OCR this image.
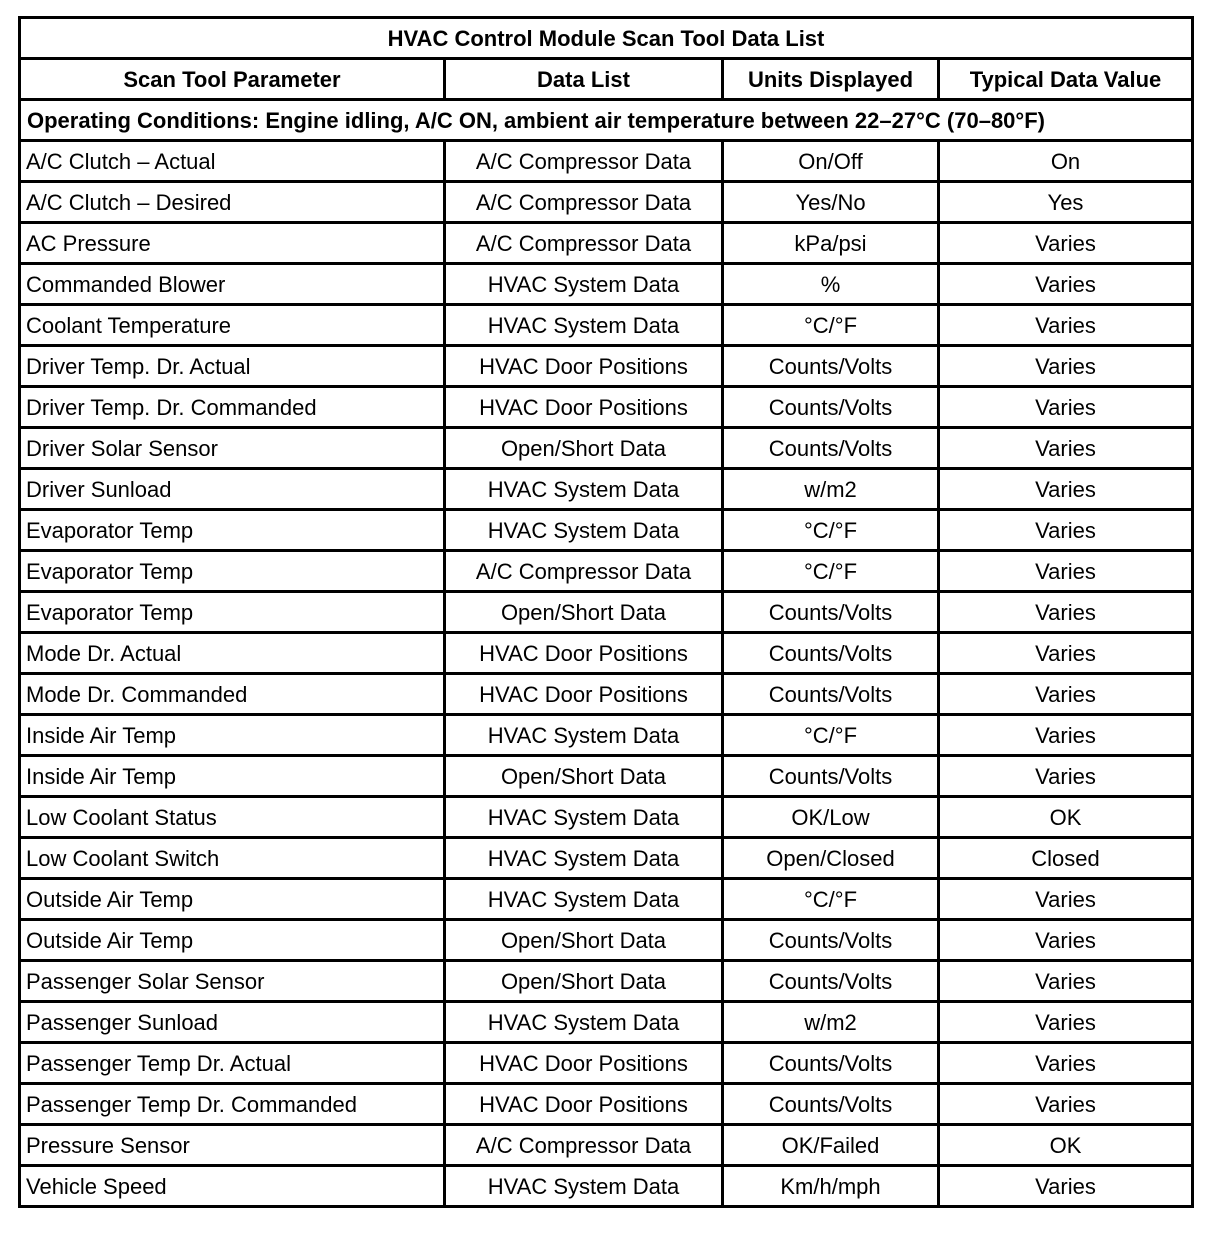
HVAC Control Module Scan Tool Data List			
Scan Tool Parameter	Data List	Units Displayed	Typical Data Value
Operating Conditions: Engine idling, A/C ON, ambient air temperature between 22–27°C (70–80°F)			
A/C Clutch – Actual	A/C Compressor Data	On/Off	On
A/C Clutch – Desired	A/C Compressor Data	Yes/No	Yes
AC Pressure	A/C Compressor Data	kPa/psi	Varies
Commanded Blower	HVAC System Data	%	Varies
Coolant Temperature	HVAC System Data	°C/°F	Varies
Driver Temp. Dr. Actual	HVAC Door Positions	Counts/Volts	Varies
Driver Temp. Dr. Commanded	HVAC Door Positions	Counts/Volts	Varies
Driver Solar Sensor	Open/Short Data	Counts/Volts	Varies
Driver Sunload	HVAC System Data	w/m2	Varies
Evaporator Temp	HVAC System Data	°C/°F	Varies
Evaporator Temp	A/C Compressor Data	°C/°F	Varies
Evaporator Temp	Open/Short Data	Counts/Volts	Varies
Mode Dr. Actual	HVAC Door Positions	Counts/Volts	Varies
Mode Dr. Commanded	HVAC Door Positions	Counts/Volts	Varies
Inside Air Temp	HVAC System Data	°C/°F	Varies
Inside Air Temp	Open/Short Data	Counts/Volts	Varies
Low Coolant Status	HVAC System Data	OK/Low	OK
Low Coolant Switch	HVAC System Data	Open/Closed	Closed
Outside Air Temp	HVAC System Data	°C/°F	Varies
Outside Air Temp	Open/Short Data	Counts/Volts	Varies
Passenger Solar Sensor	Open/Short Data	Counts/Volts	Varies
Passenger Sunload	HVAC System Data	w/m2	Varies
Passenger Temp Dr. Actual	HVAC Door Positions	Counts/Volts	Varies
Passenger Temp Dr. Commanded	HVAC Door Positions	Counts/Volts	Varies
Pressure Sensor	A/C Compressor Data	OK/Failed	OK
Vehicle Speed	HVAC System Data	Km/h/mph	Varies
